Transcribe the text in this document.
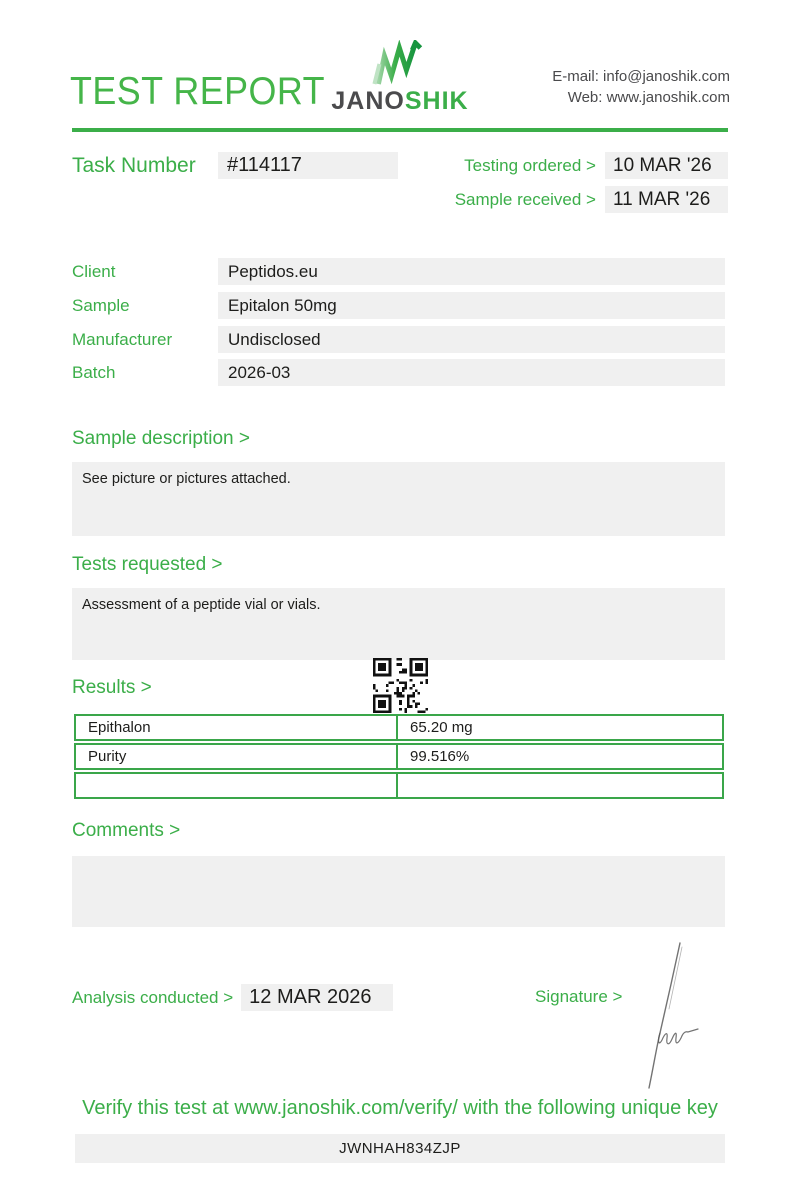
TEST REPORT JANOSHIK
E-mail: info@janoshik.com
Web: www.janoshik.com
Task Number	#114117	Testing ordered > 10 MAR '26
Sample received > 11 MAR '26
Client	Peptidos.eu
Sample	Epitalon 50mg
Manufacturer	Undisclosed
Batch	2026-03
Sample description >
See picture or pictures attached.
Tests requested >
Assessment of a peptide vial or vials.
Results >
Epithalon	65.20 mg
Purity	99.516%
Comments >
Analysis conducted > 12 MAR 2026	Signature >
Verify this test at www.janoshik.com/verify/ with the following unique key
JWNHAH834ZJP
